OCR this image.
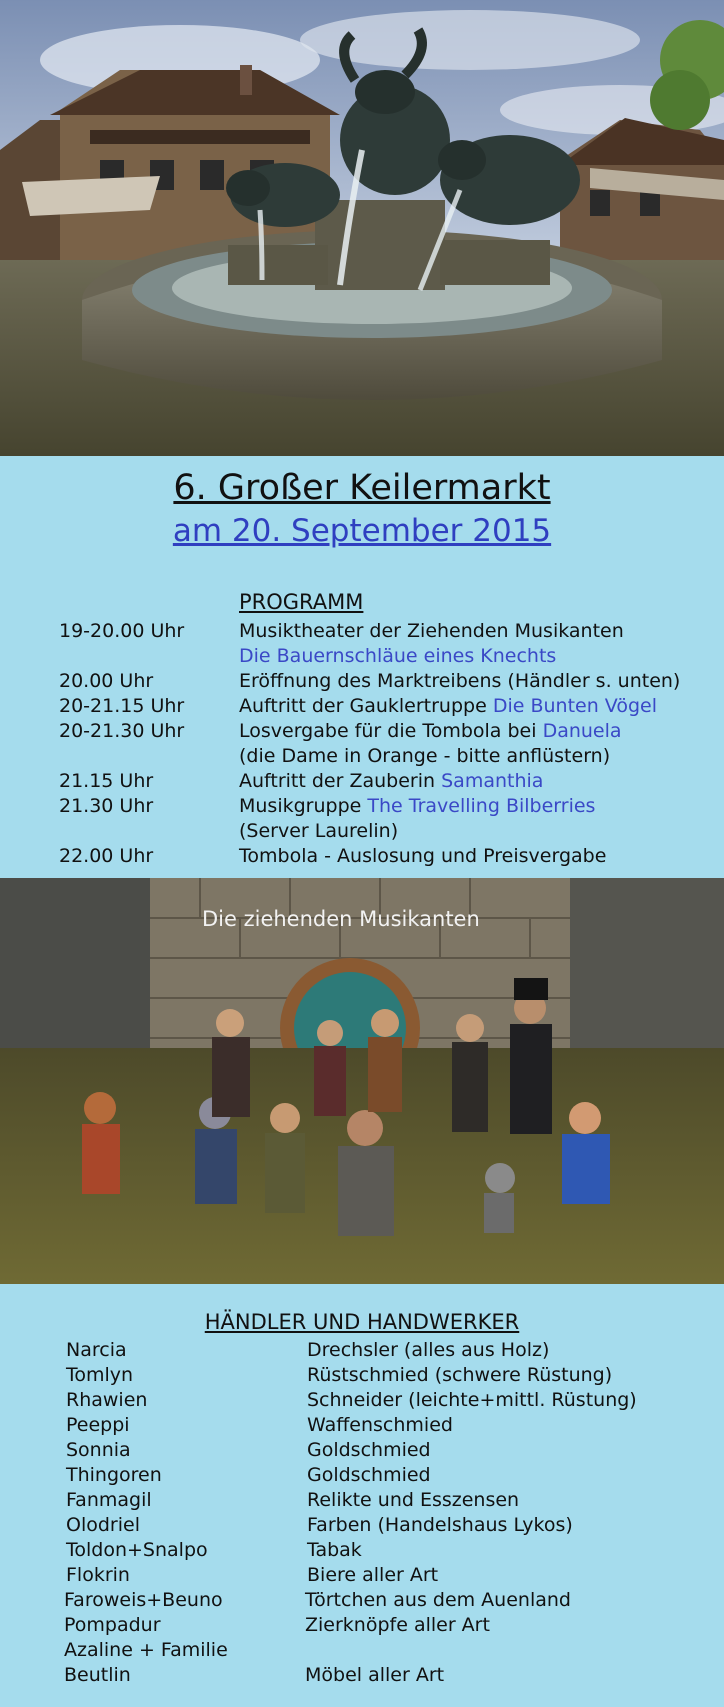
6. Großer Keilermarkt
am 20. September 2015
PROGRAMM
19-20.00 Uhr	Musiktheater der Ziehenden Musikanten
Die Bauernschläue eines Knechts
20.00 Uhr	Eröffnung des Marktreibens (Händler s. unten)
20-21.15 Uhr	Auftritt der Gauklertruppe Die Bunten Vögel
20-21.30 Uhr	Losvergabe für die Tombola bei Danuela
(die Dame in Orange - bitte anflüstern)
21.15 Uhr	Auftritt der Zauberin Samanthia
21.30 Uhr	Musikgruppe The Travelling Bilberries
(Server Laurelin)
22.00 Uhr	Tombola - Auslosung und Preisvergabe
Die ziehenden Musikanten
HÄNDLER UND HANDWERKER
Narcia	Drechsler (alles aus Holz)
Tomlyn	Rüstschmied (schwere Rüstung)
Rhawien	Schneider (leichte+mittl. Rüstung)
Peeppi	Waffenschmied
Sonnia	Goldschmied
Thingoren	Goldschmied
Fanmagil	Relikte und Esszensen
Olodriel	Farben (Handelshaus Lykos)
Toldon+Snalpo	Tabak
Flokrin	Biere aller Art
Faroweis+Beuno	Törtchen aus dem Auenland
Pompadur	Zierknöpfe aller Art
Azaline + Familie
Beutlin	Möbel aller Art
